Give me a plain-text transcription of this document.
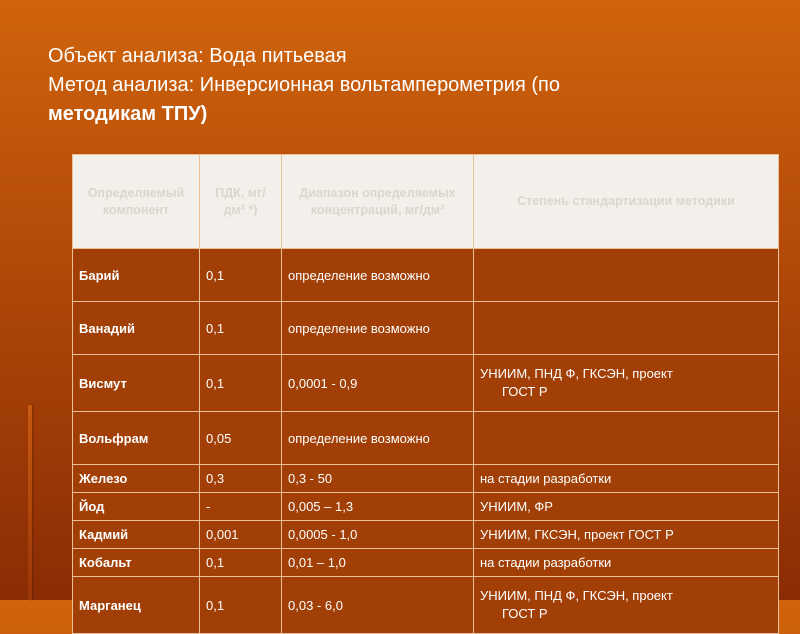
Объект анализа: Вода питьевая
Метод анализа: Инверсионная вольтамперометрия (по
методикам ТПУ)
Определяемый компонент	ПДК, мг/дм³ *)	Диапазон определяемых концентраций, мг/дм³	Степень стандартизации методики
Барий	0,1	определение возможно	
Ванадий	0,1	определение возможно	
Висмут	0,1	0,0001 - 0,9	УНИИМ, ПНД Ф, ГКСЭН, проект
ГОСТ Р

Вольфрам	0,05	определение возможно	
Железо	0,3	0,3 - 50	на стадии разработки
Йод	-	0,005 – 1,3	УНИИМ, ФР
Кадмий	0,001	0,0005 - 1,0	УНИИМ, ГКСЭН, проект ГОСТ Р
Кобальт	0,1	0,01 – 1,0	на стадии разработки
Марганец	0,1	0,03 - 6,0	УНИИМ, ПНД Ф, ГКСЭН, проект
ГОСТ Р
